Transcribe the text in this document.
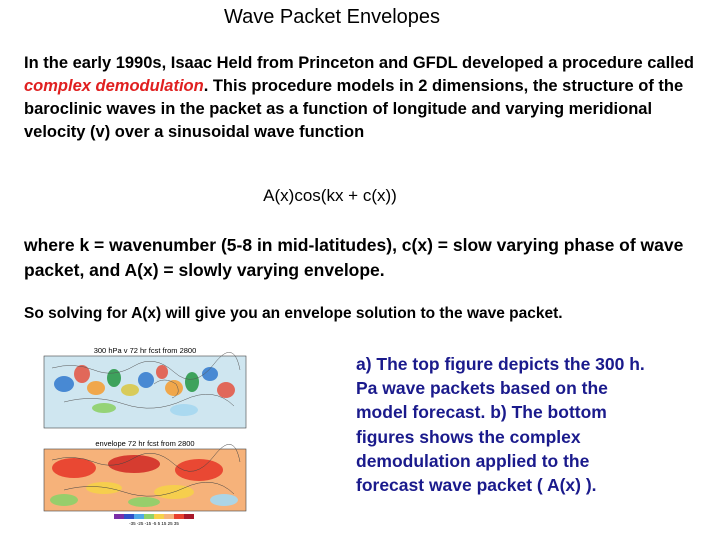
Wave Packet Envelopes
In the early 1990s, Isaac Held from Princeton and GFDL developed a procedure called complex demodulation. This procedure models in 2 dimensions, the structure of the baroclinic waves in the packet as a function of longitude and varying meridional velocity (v) over a sinusoidal wave function
A(x)cos(kx + c(x))
where k = wavenumber (5-8 in mid-latitudes), c(x) = slow varying phase of wave packet, and A(x) = slowly varying envelope.
So solving for A(x) will give you an envelope solution to the wave packet.
300 hPa v 72 hr fcst from 2800
envelope 72 hr fcst from 2800
-35 -25 -15 -5 5 15 25 35
a) The top figure depicts the 300 h. Pa wave packets based on the model forecast. b) The bottom figures shows the complex demodulation applied to the forecast wave packet ( A(x) ).
